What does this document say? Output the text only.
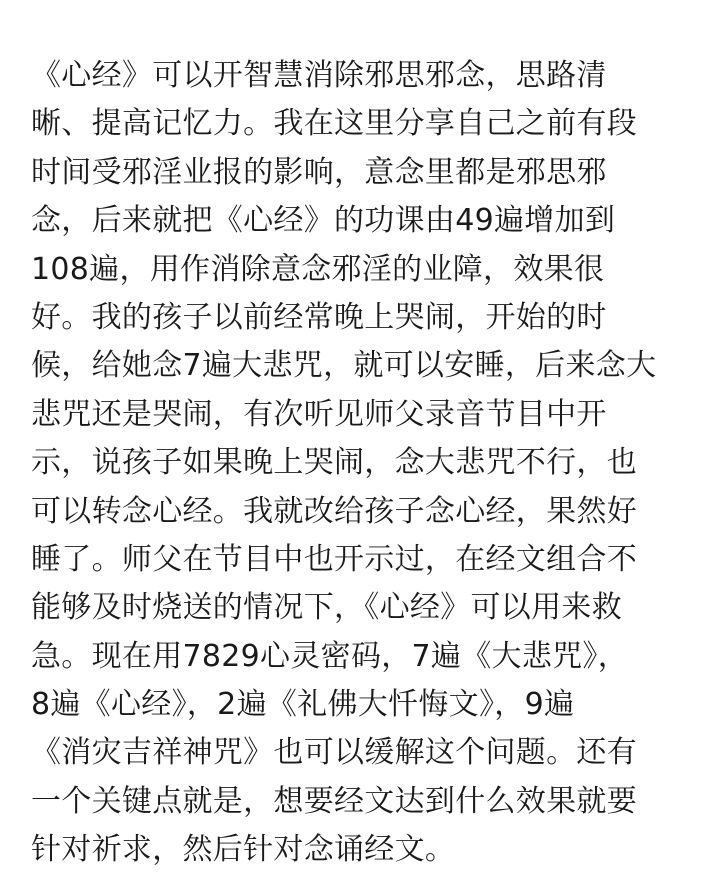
《心经》可以开智慧消除邪思邪念，思路清
晰、提高记忆力。我在这里分享自己之前有段
时间受邪淫业报的影响，意念里都是邪思邪
念，后来就把《心经》的功课由49遍增加到
108遍，用作消除意念邪淫的业障，效果很
好。我的孩子以前经常晚上哭闹，开始的时
候，给她念7遍大悲咒，就可以安睡，后来念大
悲咒还是哭闹，有次听见师父录音节目中开
示，说孩子如果晚上哭闹，念大悲咒不行，也
可以转念心经。我就改给孩子念心经，果然好
睡了。师父在节目中也开示过，在经文组合不
能够及时烧送的情况下，《心经》可以用来救
急。现在用7829心灵密码，7遍《大悲咒》，
8遍《心经》，2遍《礼佛大忏悔文》，9遍
《消灾吉祥神咒》也可以缓解这个问题。还有
一个关键点就是，想要经文达到什么效果就要
针对祈求，然后针对念诵经文。
